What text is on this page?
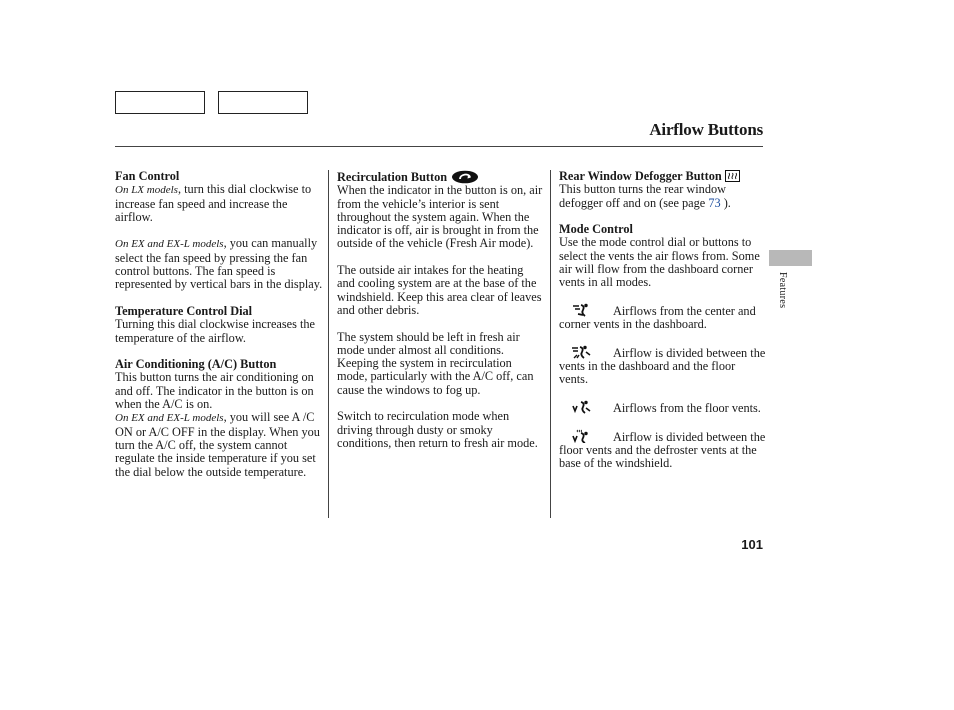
Airflow Buttons
Features
Fan Control

On LX models, turn this dial clockwise to increase fan speed and increase the airflow.

On EX and EX-L models, you can manually select the fan speed by pressing the fan control buttons. The fan speed is represented by vertical bars in the display.

Temperature Control Dial

Turning this dial clockwise increases the temperature of the airflow.

Air Conditioning (A/C) Button

This button turns the air conditioning on and off. The indicator in the button is on when the A/C is on.

On EX and EX-L models, you will see A /C ON or A/C OFF in the display. When you turn the A/C off, the system cannot regulate the inside temperature if you set the dial below the outside temperature.

Recirculation Button

When the indicator in the button is on, air from the vehicle’s interior is sent throughout the system again. When the indicator is off, air is brought in from the outside of the vehicle (Fresh Air mode).

The outside air intakes for the heating and cooling system are at the base of the windshield. Keep this area clear of leaves and other debris.

The system should be left in fresh air mode under almost all conditions. Keeping the system in recirculation mode, particularly with the A/C off, can cause the windows to fog up.

Switch to recirculation mode when driving through dusty or smoky conditions, then return to fresh air mode.

Rear Window Defogger Button

This button turns the rear window defogger off and on (see page 73 ).

Mode Control

Use the mode control dial or buttons to select the vents the air flows from. Some air will flow from the dashboard corner vents in all modes.

Airflows from the center and corner vents in the dashboard.

Airflow is divided between the vents in the dashboard and the floor vents.

Airflows from the floor vents.

Airflow is divided between the floor vents and the defroster vents at the base of the windshield.

101
